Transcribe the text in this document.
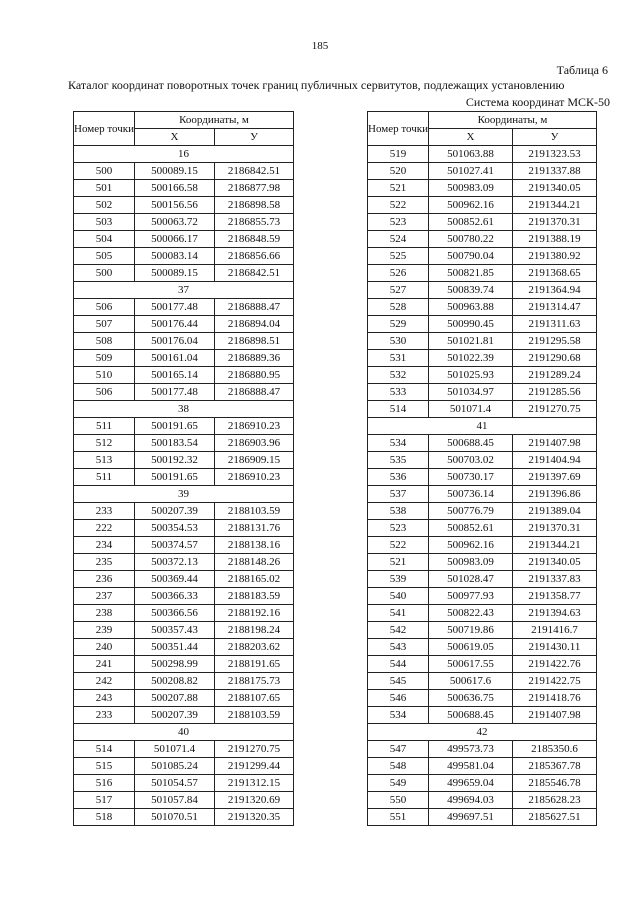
185
Таблица 6
Каталог координат поворотных точек границ публичных сервитутов, подлежащих установлению
Система координат МСК-50
Номер точки	Координаты, м	
	X	У
16		
500	500089.15	2186842.51
501	500166.58	2186877.98
502	500156.56	2186898.58
503	500063.72	2186855.73
504	500066.17	2186848.59
505	500083.14	2186856.66
500	500089.15	2186842.51
37		
506	500177.48	2186888.47
507	500176.44	2186894.04
508	500176.04	2186898.51
509	500161.04	2186889.36
510	500165.14	2186880.95
506	500177.48	2186888.47
38		
511	500191.65	2186910.23
512	500183.54	2186903.96
513	500192.32	2186909.15
511	500191.65	2186910.23
39		
233	500207.39	2188103.59
222	500354.53	2188131.76
234	500374.57	2188138.16
235	500372.13	2188148.26
236	500369.44	2188165.02
237	500366.33	2188183.59
238	500366.56	2188192.16
239	500357.43	2188198.24
240	500351.44	2188203.62
241	500298.99	2188191.65
242	500208.82	2188175.73
243	500207.88	2188107.65
233	500207.39	2188103.59
40		
514	501071.4	2191270.75
515	501085.24	2191299.44
516	501054.57	2191312.15
517	501057.84	2191320.69
518	501070.51	2191320.35
Номер точки	Координаты, м	
	X	У
519	501063.88	2191323.53
520	501027.41	2191337.88
521	500983.09	2191340.05
522	500962.16	2191344.21
523	500852.61	2191370.31
524	500780.22	2191388.19
525	500790.04	2191380.92
526	500821.85	2191368.65
527	500839.74	2191364.94
528	500963.88	2191314.47
529	500990.45	2191311.63
530	501021.81	2191295.58
531	501022.39	2191290.68
532	501025.93	2191289.24
533	501034.97	2191285.56
514	501071.4	2191270.75
41		
534	500688.45	2191407.98
535	500703.02	2191404.94
536	500730.17	2191397.69
537	500736.14	2191396.86
538	500776.79	2191389.04
523	500852.61	2191370.31
522	500962.16	2191344.21
521	500983.09	2191340.05
539	501028.47	2191337.83
540	500977.93	2191358.77
541	500822.43	2191394.63
542	500719.86	2191416.7
543	500619.05	2191430.11
544	500617.55	2191422.76
545	500617.6	2191422.75
546	500636.75	2191418.76
534	500688.45	2191407.98
42		
547	499573.73	2185350.6
548	499581.04	2185367.78
549	499659.04	2185546.78
550	499694.03	2185628.23
551	499697.51	2185627.51
